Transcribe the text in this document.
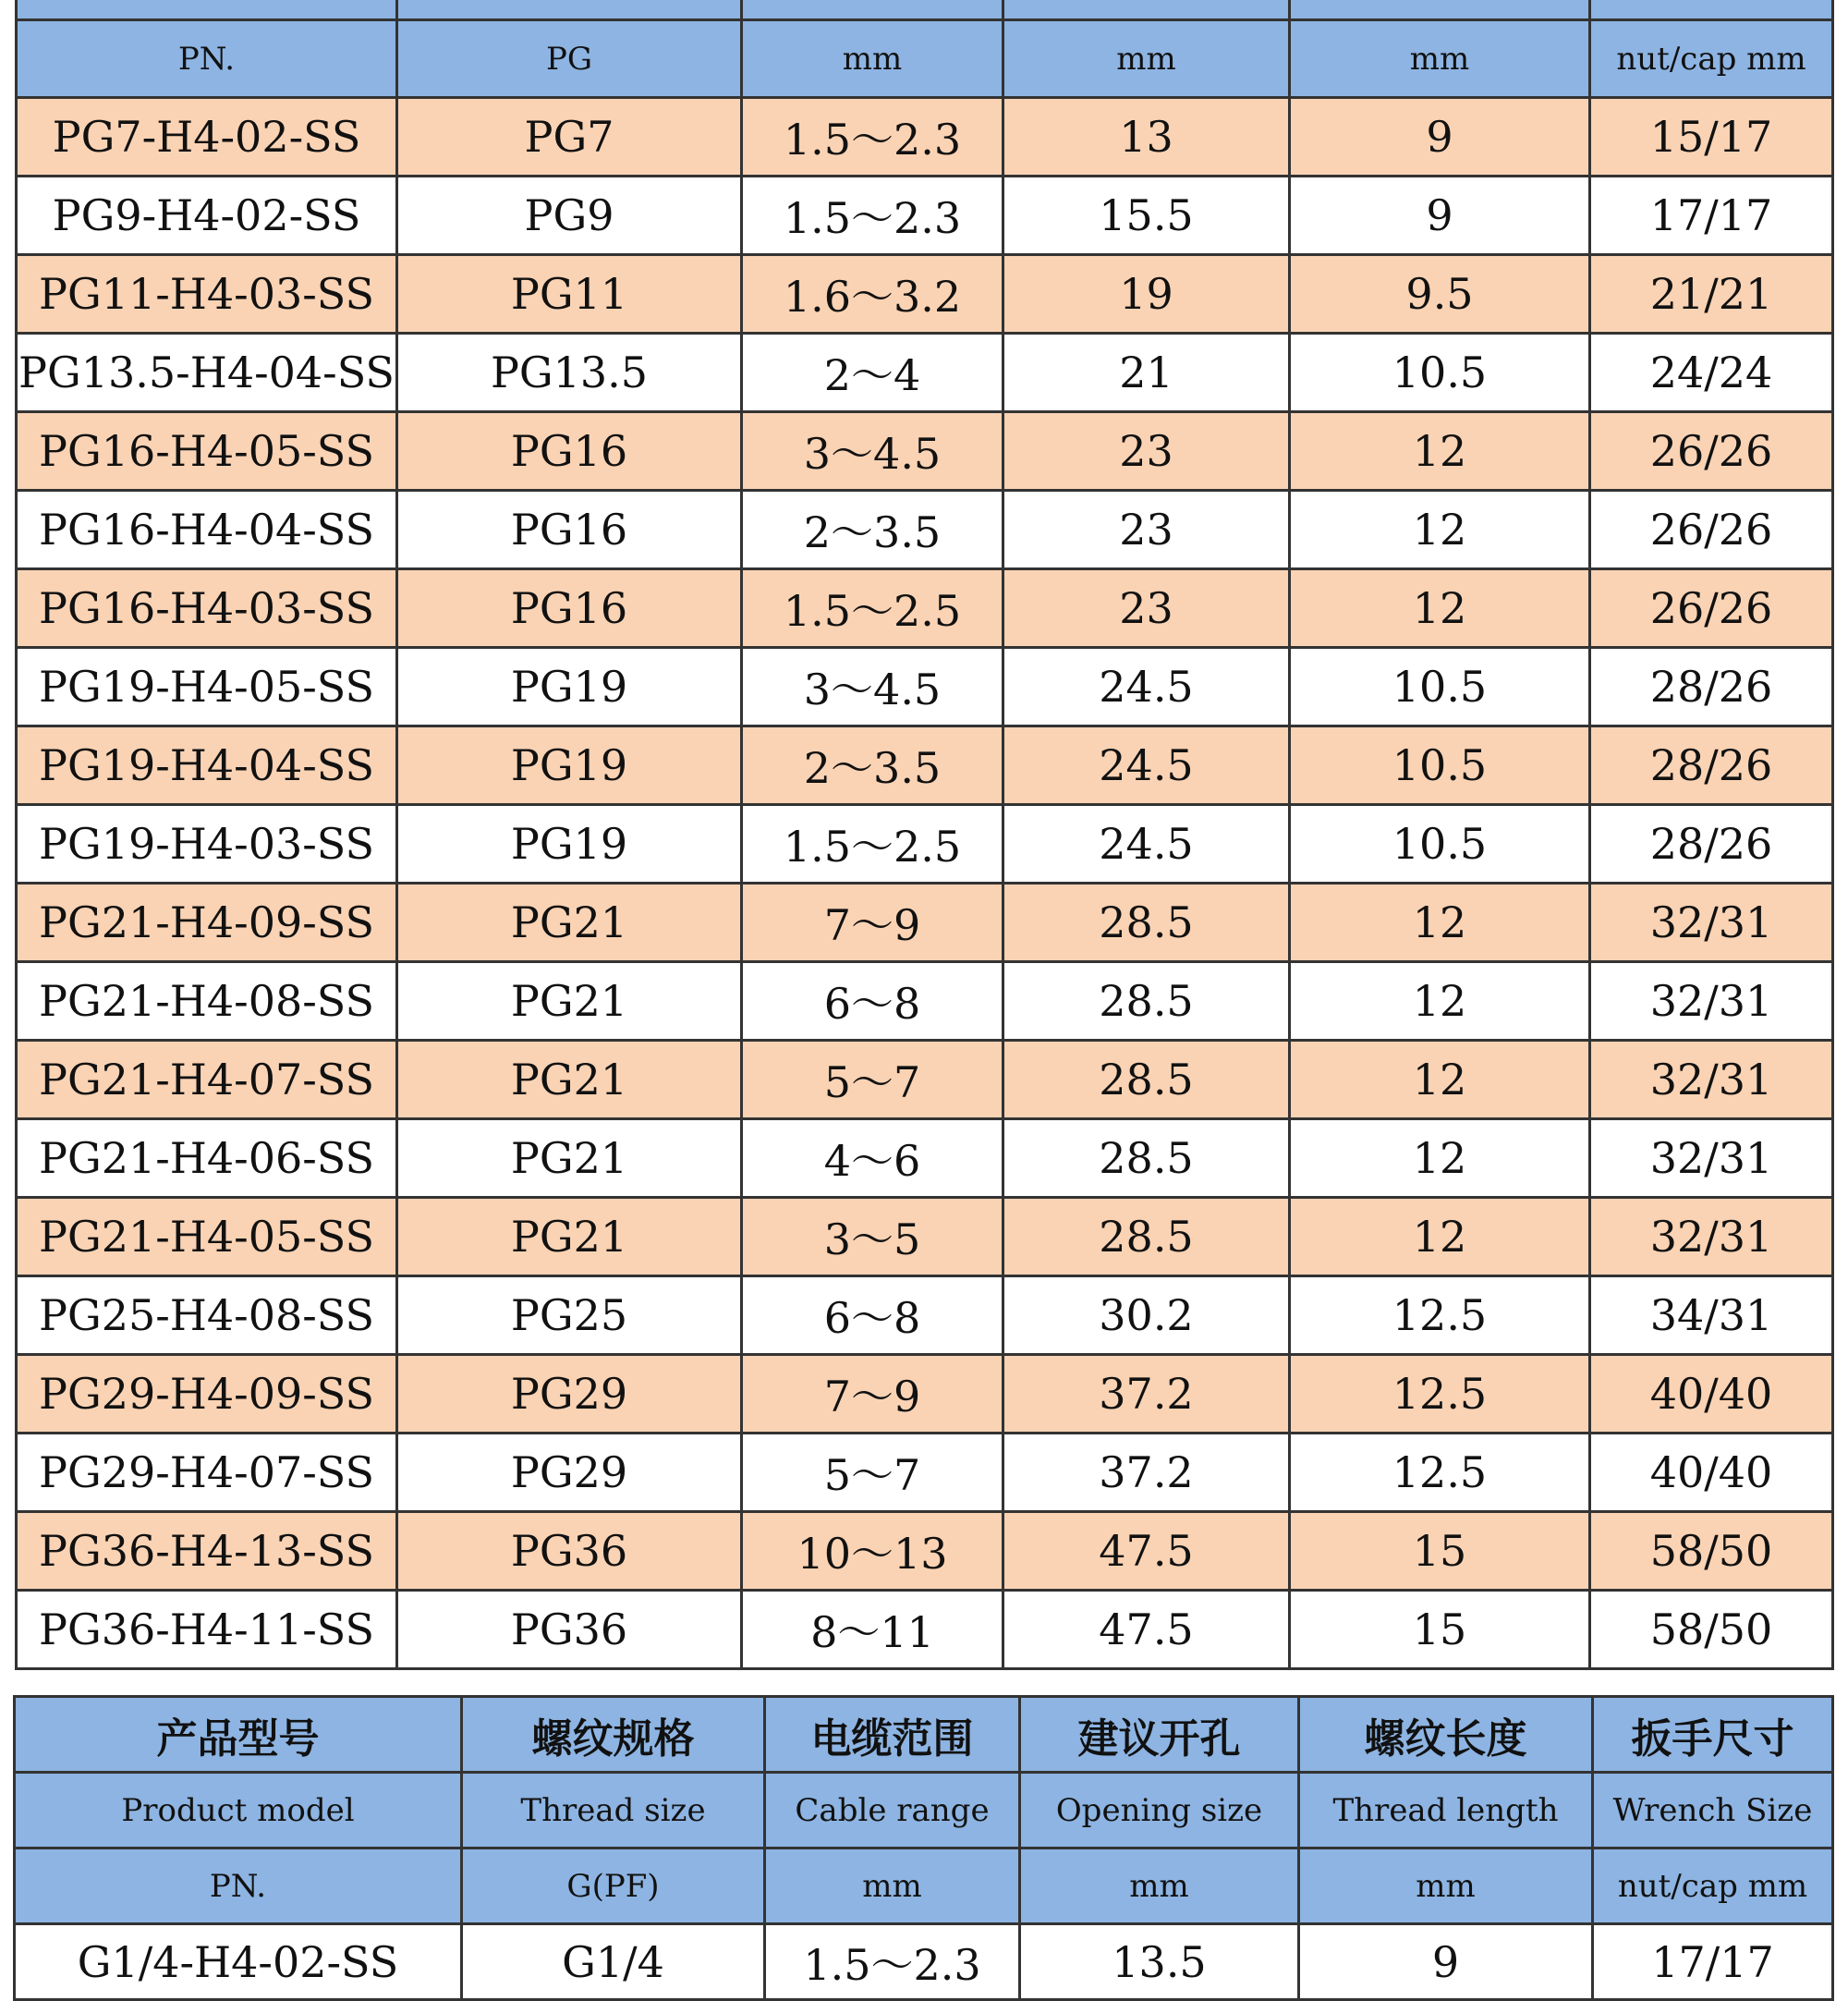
PN.	PG	mm	mm	mm	nut/cap mm
PG7-H4-02-SS	PG7	1.5～2.3	13	9	15/17
PG9-H4-02-SS	PG9	1.5～2.3	15.5	9	17/17
PG11-H4-03-SS	PG11	1.6～3.2	19	9.5	21/21
PG13.5-H4-04-SS	PG13.5	2～4	21	10.5	24/24
PG16-H4-05-SS	PG16	3～4.5	23	12	26/26
PG16-H4-04-SS	PG16	2～3.5	23	12	26/26
PG16-H4-03-SS	PG16	1.5～2.5	23	12	26/26
PG19-H4-05-SS	PG19	3～4.5	24.5	10.5	28/26
PG19-H4-04-SS	PG19	2～3.5	24.5	10.5	28/26
PG19-H4-03-SS	PG19	1.5～2.5	24.5	10.5	28/26
PG21-H4-09-SS	PG21	7～9	28.5	12	32/31
PG21-H4-08-SS	PG21	6～8	28.5	12	32/31
PG21-H4-07-SS	PG21	5～7	28.5	12	32/31
PG21-H4-06-SS	PG21	4～6	28.5	12	32/31
PG21-H4-05-SS	PG21	3～5	28.5	12	32/31
PG25-H4-08-SS	PG25	6～8	30.2	12.5	34/31
PG29-H4-09-SS	PG29	7～9	37.2	12.5	40/40
PG29-H4-07-SS	PG29	5～7	37.2	12.5	40/40
PG36-H4-13-SS	PG36	10～13	47.5	15	58/50
PG36-H4-11-SS	PG36	8～11	47.5	15	58/50
产品型号	螺纹规格	电缆范围	建议开孔	螺纹长度	扳手尺寸
Product model	Thread size	Cable range	Opening size	Thread length	Wrench Size
PN.	G(PF)	mm	mm	mm	nut/cap mm
G1/4-H4-02-SS	G1/4	1.5～2.3	13.5	9	17/17
